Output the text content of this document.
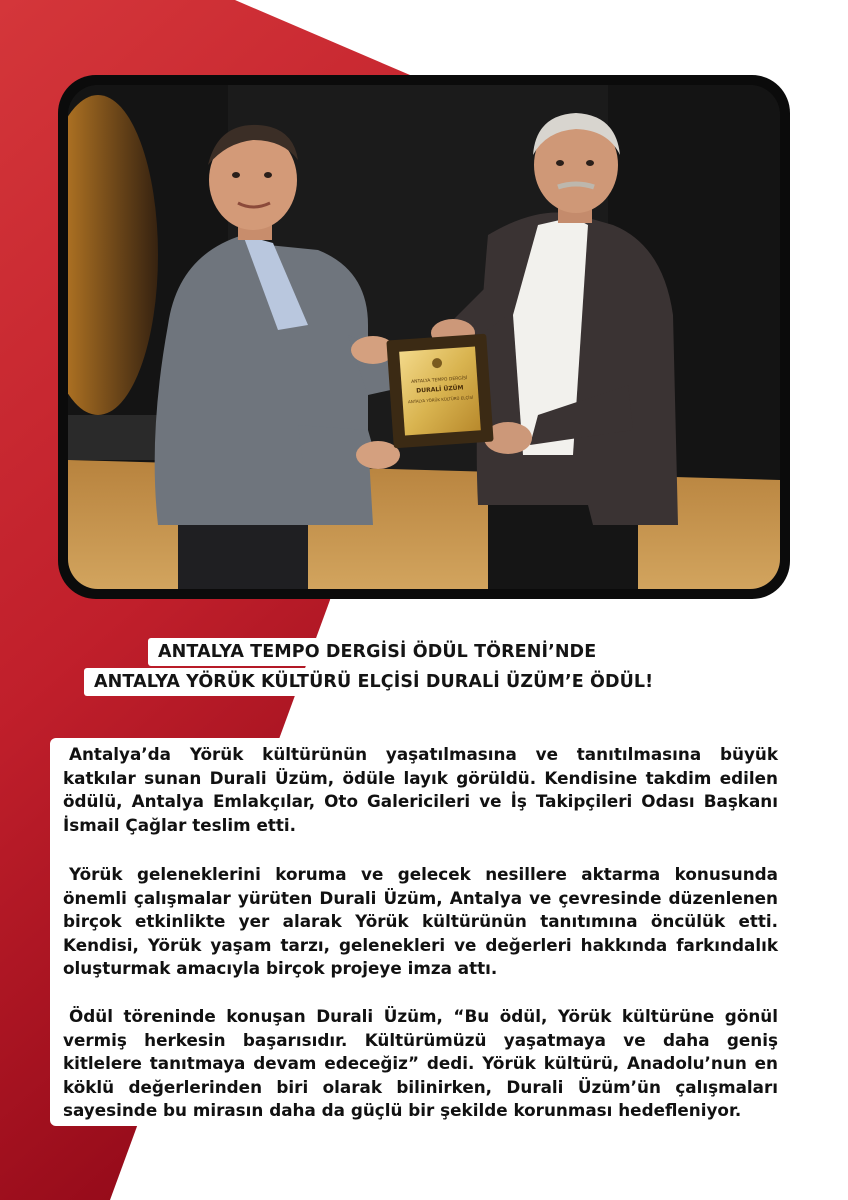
ANTALYA TEMPO DERGİSİ
DURALİ ÜZÜM
ANTALYA YÖRÜK KÜLTÜRÜ ELÇİSİ
ANTALYA TEMPO DERGİSİ ÖDÜL TÖRENİ’NDE
ANTALYA YÖRÜK KÜLTÜRÜ ELÇİSİ DURALİ ÜZÜM’E ÖDÜL!

Antalya’da Yörük kültürünün yaşatılmasına ve tanıtılmasına büyük katkılar sunan Durali Üzüm, ödüle layık görüldü. Kendisine takdim edilen ödülü, Antalya Emlakçılar, Oto Galericileri ve İş Takipçileri Odası Başkanı İsmail Çağlar teslim etti.

Yörük geleneklerini koruma ve gelecek nesillere aktarma konusunda önemli çalışmalar yürüten Durali Üzüm, Antalya ve çevresinde düzenlenen birçok etkinlikte yer alarak Yörük kültürünün tanıtımına öncülük etti. Kendisi, Yörük yaşam tarzı, gelenekleri ve değerleri hakkında farkındalık oluşturmak amacıyla birçok projeye imza attı.

Ödül töreninde konuşan Durali Üzüm, “Bu ödül, Yörük kültürüne gönül vermiş herkesin başarısıdır. Kültürümüzü yaşatmaya ve daha geniş kitlelere tanıtmaya devam edeceğiz” dedi. Yörük kültürü, Anadolu’nun en köklü değerlerinden biri olarak bilinirken, Durali Üzüm’ün çalışmaları sayesinde bu mirasın daha da güçlü bir şekilde korunması hedefleniyor.
